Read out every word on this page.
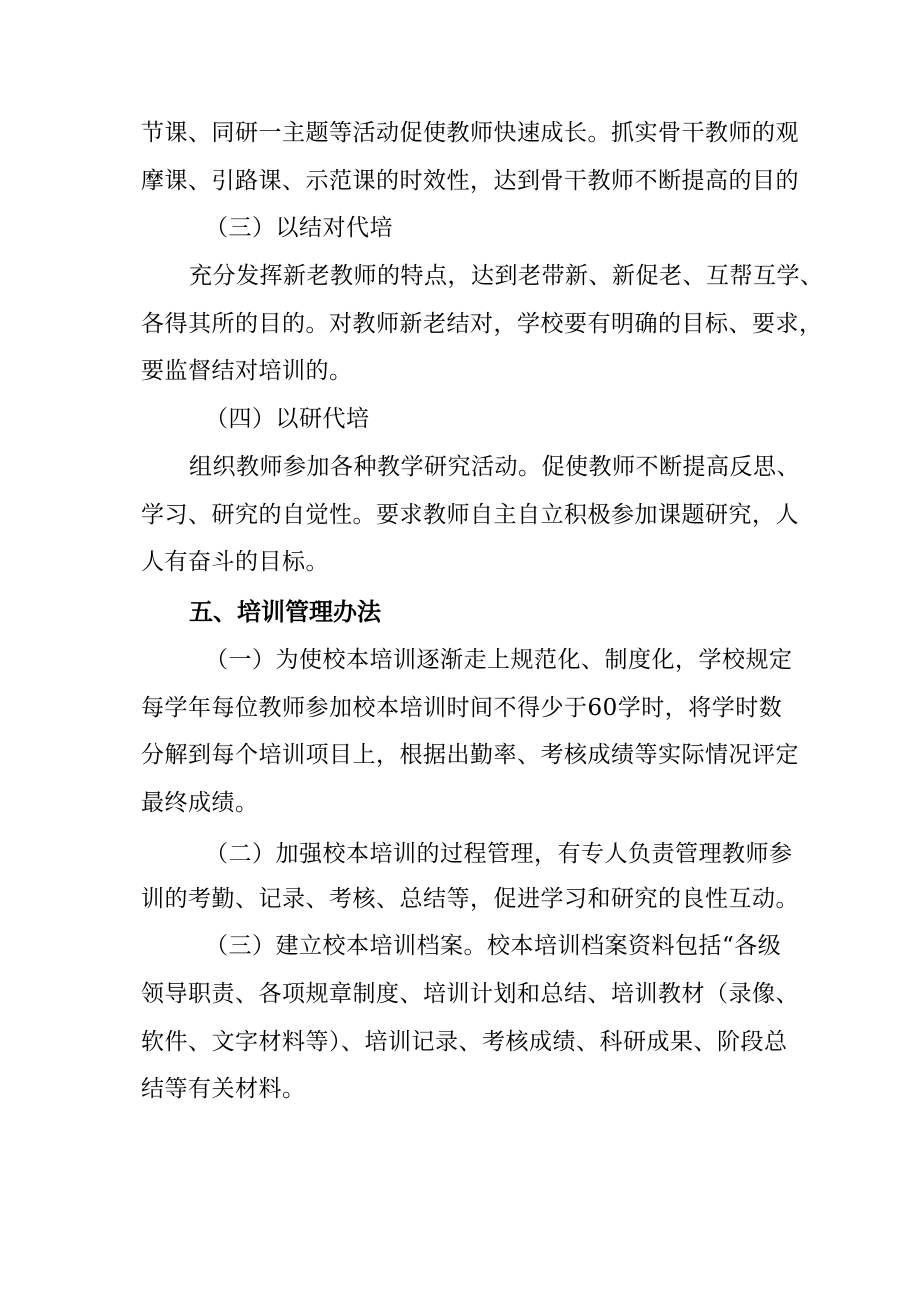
节课、同研一主题等活动促使教师快速成长。抓实骨干教师的观
摩课、引路课、示范课的时效性，达到骨干教师不断提高的目的
（三）以结对代培
充分发挥新老教师的特点，达到老带新、新促老、互帮互学、
各得其所的目的。对教师新老结对，学校要有明确的目标、要求，
要监督结对培训的。
（四）以研代培
组织教师参加各种教学研究活动。促使教师不断提高反思、
学习、研究的自觉性。要求教师自主自立积极参加课题研究，人
人有奋斗的目标。
五、培训管理办法
（一）为使校本培训逐渐走上规范化、制度化，学校规定
每学年每位教师参加校本培训时间不得少于60学时，将学时数
分解到每个培训项目上，根据出勤率、考核成绩等实际情况评定
最终成绩。
（二）加强校本培训的过程管理，有专人负责管理教师参
训的考勤、记录、考核、总结等，促进学习和研究的良性互动。
（三）建立校本培训档案。校本培训档案资料包括“各级
领导职责、各项规章制度、培训计划和总结、培训教材（录像、
软件、文字材料等）、培训记录、考核成绩、科研成果、阶段总
结等有关材料。
